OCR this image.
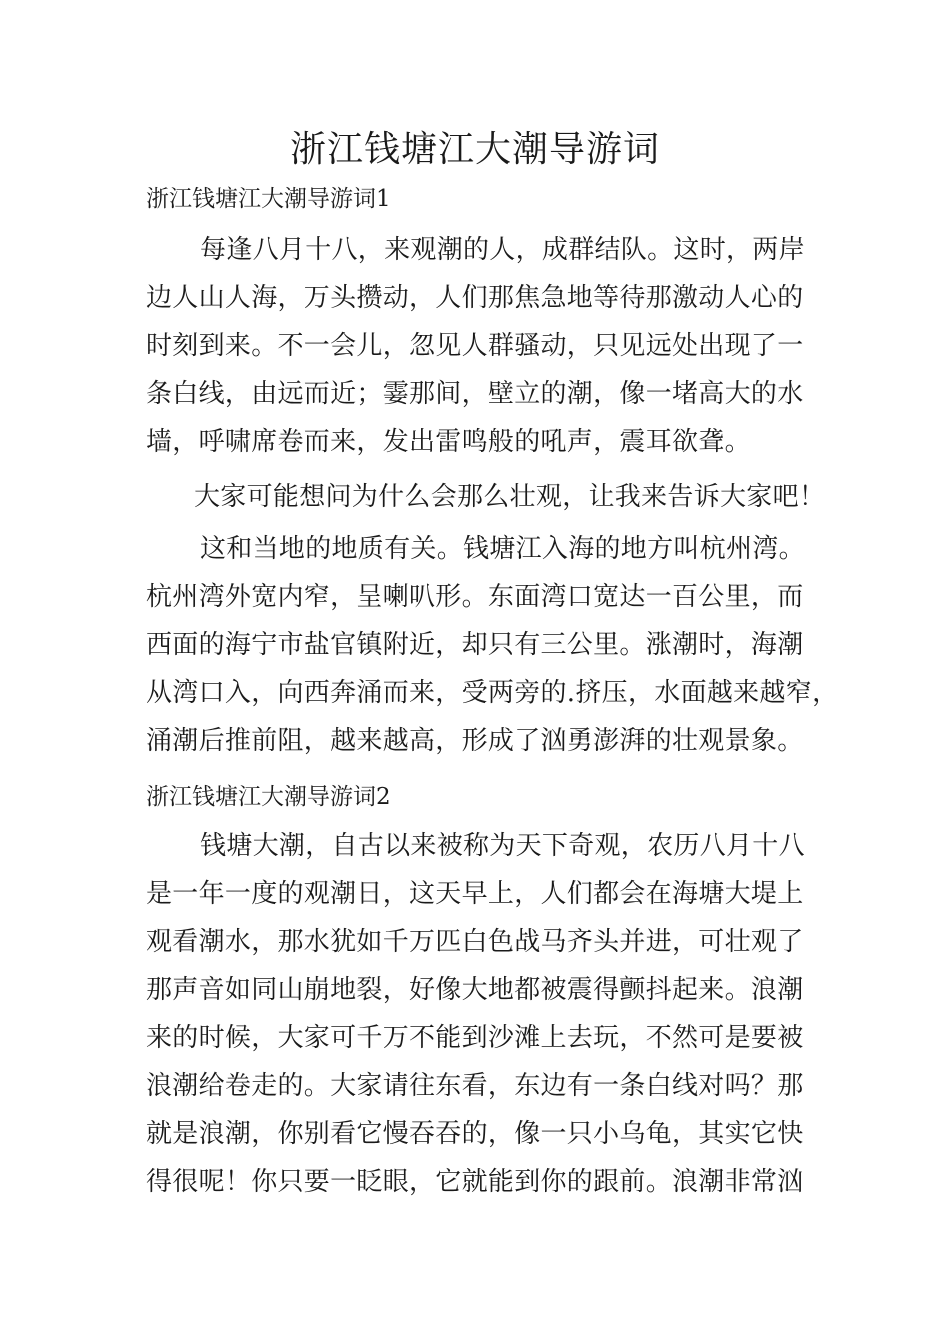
浙江钱塘江大潮导游词
浙江钱塘江大潮导游词1
每逢八月十八，来观潮的人，成群结队。这时，两岸
边人山人海，万头攒动，人们那焦急地等待那激动人心的
时刻到来。不一会儿，忽见人群骚动，只见远处出现了一
条白线，由远而近；霎那间，壁立的潮，像一堵高大的水
墙，呼啸席卷而来，发出雷鸣般的吼声，震耳欲聋。
大家可能想问为什么会那么壮观，让我来告诉大家吧！
这和当地的地质有关。钱塘江入海的地方叫杭州湾。
杭州湾外宽内窄，呈喇叭形。东面湾口宽达一百公里，而
西面的海宁市盐官镇附近，却只有三公里。涨潮时，海潮
从湾口入，向西奔涌而来，受两旁的.挤压，水面越来越窄，
涌潮后推前阻，越来越高，形成了汹勇澎湃的壮观景象。
浙江钱塘江大潮导游词2
钱塘大潮，自古以来被称为天下奇观，农历八月十八
是一年一度的观潮日，这天早上，人们都会在海塘大堤上
观看潮水，那水犹如千万匹白色战马齐头并进，可壮观了
那声音如同山崩地裂，好像大地都被震得颤抖起来。浪潮
来的时候，大家可千万不能到沙滩上去玩，不然可是要被
浪潮给卷走的。大家请往东看，东边有一条白线对吗？那
就是浪潮，你别看它慢吞吞的，像一只小乌龟，其实它快
得很呢！你只要一眨眼，它就能到你的跟前。浪潮非常汹
